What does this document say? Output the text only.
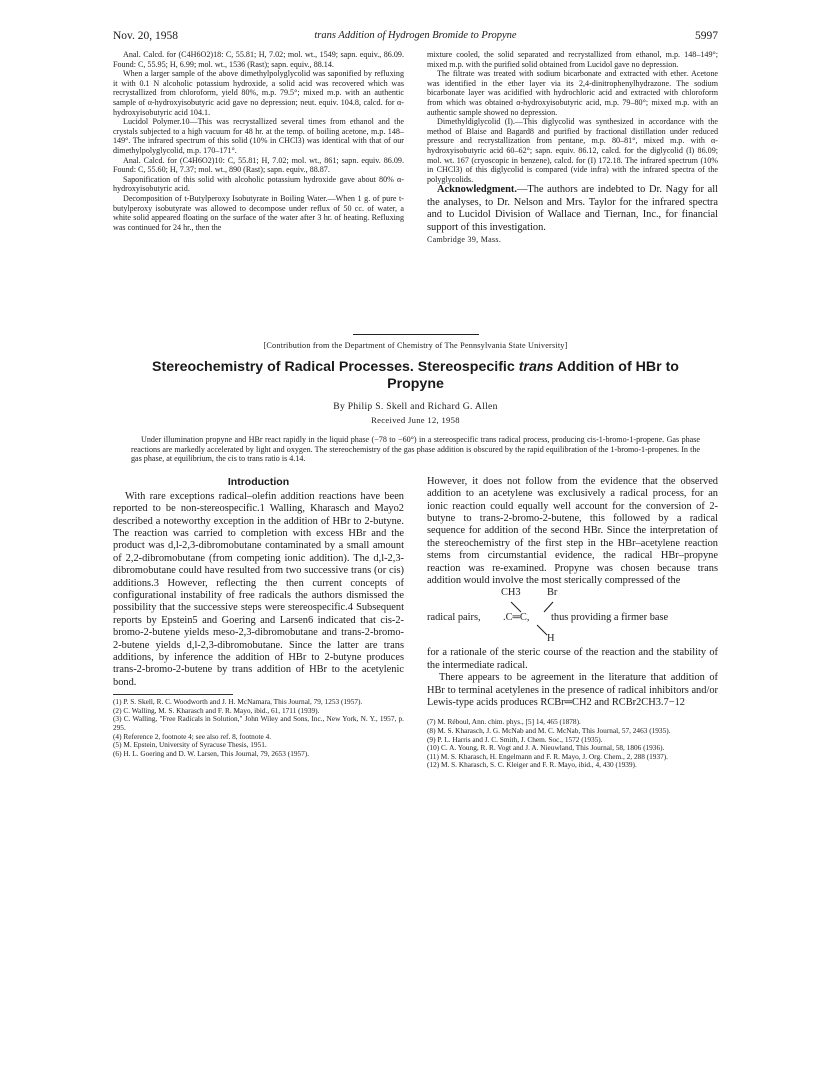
Nov. 20, 1958	trans Addition of Hydrogen Bromide to Propyne	5997

Anal. Calcd. for (C4H6O2)18: C, 55.81; H, 7.02; mol. wt., 1549; sapn. equiv., 86.09. Found: C, 55.95; H, 6.99; mol. wt., 1536 (Rast); sapn. equiv., 88.14.

When a larger sample of the above dimethylpolyglycolid was saponified by refluxing it with 0.1 N alcoholic potassium hydroxide, a solid acid was recovered which was recrystallized from chloroform, yield 80%, m.p. 79.5°; mixed m.p. with an authentic sample of α-hydroxyisobutyric acid gave no depression; neut. equiv. 104.8, calcd. for α-hydroxyisobutyric acid 104.1.

Lucidol Polymer.10—This was recrystallized several times from ethanol and the crystals subjected to a high vacuum for 48 hr. at the temp. of boiling acetone, m.p. 148–149°. The infrared spectrum of this solid (10% in CHCl3) was identical with that of our dimethylpolyglycolid, m.p. 170–171°.

Anal. Calcd. for (C4H6O2)10: C, 55.81; H, 7.02; mol. wt., 861; sapn. equiv. 86.09. Found: C, 55.60; H, 7.37; mol. wt., 890 (Rast); sapn. equiv., 88.87.

Saponification of this solid with alcoholic potassium hydroxide gave about 80% α-hydroxyisobutyric acid.

Decomposition of t-Butylperoxy Isobutyrate in Boiling Water.—When 1 g. of pure t-butylperoxy isobutyrate was allowed to decompose under reflux of 50 cc. of water, a white solid appeared floating on the surface of the water after 3 hr. of heating. Refluxing was continued for 24 hr., then the

mixture cooled, the solid separated and recrystallized from ethanol, m.p. 148–149°; mixed m.p. with the purified solid obtained from Lucidol gave no depression.

The filtrate was treated with sodium bicarbonate and extracted with ether. Acetone was identified in the ether layer via its 2,4-dinitrophenylhydrazone. The sodium bicarbonate layer was acidified with hydrochloric acid and extracted with chloroform from which was obtained α-hydroxyisobutyric acid, m.p. 79–80°; mixed m.p. with an authentic sample showed no depression.

Dimethyldiglycolid (I).—This diglycolid was synthesized in accordance with the method of Blaise and Bagard8 and purified by fractional distillation under reduced pressure and recrystallization from pentane, m.p. 80–81°, mixed m.p. with α-hydroxyisobutyric acid 60–62°; sapn. equiv. 86.12, calcd. for the diglycolid (I) 86.09; mol. wt. 167 (cryoscopic in benzene), calcd. for (I) 172.18. The infrared spectrum (10% in CHCl3) of this diglycolid is compared (vide infra) with the infrared spectra of the polyglycolids.

Acknowledgment.—The authors are indebted to Dr. Nagy for all the analyses, to Dr. Nelson and Mrs. Taylor for the infrared spectra and to Lucidol Division of Wallace and Tiernan, Inc., for financial support of this investigation.

Cambridge 39, Mass.
[Contribution from the Department of Chemistry of The Pennsylvania State University]
Stereochemistry of Radical Processes. Stereospecific trans Addition of HBr to Propyne
By Philip S. Skell and Richard G. Allen
Received June 12, 1958

Under illumination propyne and HBr react rapidly in the liquid phase (−78 to −60°) in a stereospecific trans radical process, producing cis-1-bromo-1-propene. Gas phase reactions are markedly accelerated by light and oxygen. The stereochemistry of the gas phase addition is obscured by the rapid equilibration of the 1-bromo-1-propenes. In the gas phase, at equilibrium, the cis to trans ratio is 4.14.

Introduction

With rare exceptions radical–olefin addition reactions have been reported to be non-stereospecific.1 Walling, Kharasch and Mayo2 described a noteworthy exception in the addition of HBr to 2-butyne. The reaction was carried to completion with excess HBr and the product was d,l-2,3-dibromobutane contaminated by a small amount of 2,2-dibromobutane (from competing ionic addition). The d,l-2,3-dibromobutane could have resulted from two successive trans (or cis) additions.3 However, reflecting the then current concepts of configurational instability of free radicals the authors dismissed the possibility that the successive steps were stereospecific.4 Subsequent reports by Epstein5 and Goering and Larsen6 indicated that cis-2-bromo-2-butene yields meso-2,3-dibromobutane and trans-2-bromo-2-butene yields d,l-2,3-dibromobutane. Since the latter are trans additions, by inference the addition of HBr to 2-butyne produces trans-2-bromo-2-butene by trans addition of HBr to the acetylenic bond.

(1) P. S. Skell, R. C. Woodworth and J. H. McNamara, This Journal, 79, 1253 (1957).
(2) C. Walling, M. S. Kharasch and F. R. Mayo, ibid., 61, 1711 (1939).
(3) C. Walling, "Free Radicals in Solution," John Wiley and Sons, Inc., New York, N. Y., 1957, p. 295.
(4) Reference 2, footnote 4; see also ref. 8, footnote 4.
(5) M. Epstein, University of Syracuse Thesis, 1951.
(6) H. L. Goering and D. W. Larsen, This Journal, 79, 2653 (1957).

However, it does not follow from the evidence that the observed addition to an acetylene was exclusively a radical process, for an ionic reaction could equally well account for the conversion of 2-butyne to trans-2-bromo-2-butene, this followed by a radical sequence for addition of the second HBr. Since the interpretation of the stereochemistry of the first step in the HBr–acetylene reaction stems from circumstantial evidence, the radical HBr–propyne reaction was re-examined. Propyne was chosen because trans addition would involve the most sterically compressed of the

CH3	Br
radical pairs, .C═C, thus providing a firmer base
H

for a rationale of the steric course of the reaction and the stability of the intermediate radical.

There appears to be agreement in the literature that addition of HBr to terminal acetylenes in the presence of radical inhibitors and/or Lewis-type acids produces RCBr═CH2 and RCBr2CH3.7−12

(7) M. Réboul, Ann. chim. phys., [5] 14, 465 (1878).
(8) M. S. Kharasch, J. G. McNab and M. C. McNab, This Journal, 57, 2463 (1935).
(9) P. L. Harris and J. C. Smith, J. Chem. Soc., 1572 (1935).
(10) C. A. Young, R. R. Vogt and J. A. Nieuwland, This Journal, 58, 1806 (1936).
(11) M. S. Kharasch, H. Engelmann and F. R. Mayo, J. Org. Chem., 2, 288 (1937).
(12) M. S. Kharasch, S. C. Kleiger and F. R. Mayo, ibid., 4, 430 (1939).
